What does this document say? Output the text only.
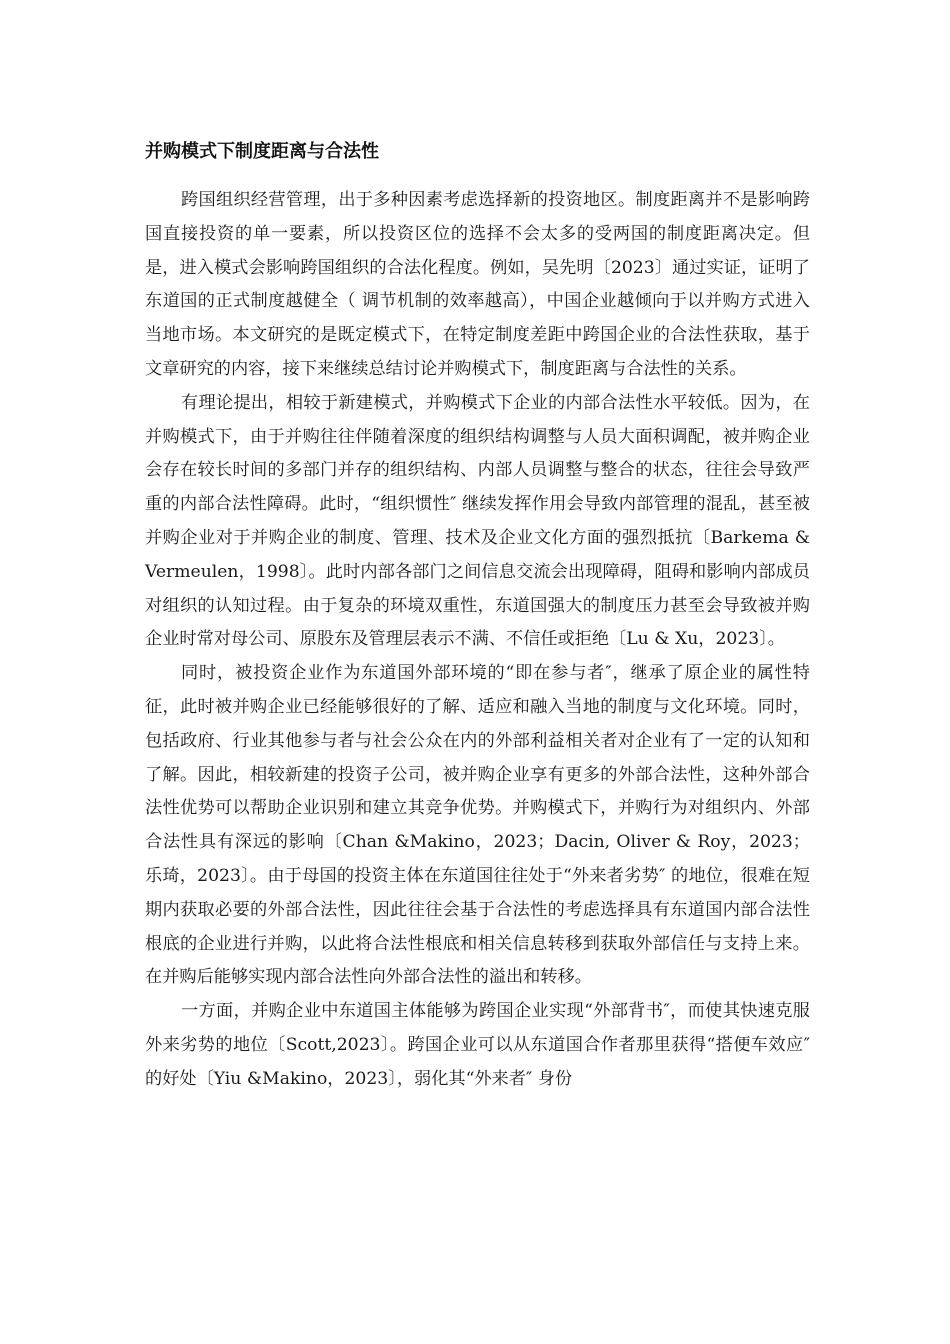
并购模式下制度距离与合法性

跨国组织经营管理，出于多种因素考虑选择新的投资地区。制度距离并不是影响跨国直接投资的单一要素，所以投资区位的选择不会太多的受两国的制度距离决定。但是，进入模式会影响跨国组织的合法化程度。例如，吴先明〔2023〕通过实证，证明了东道国的正式制度越健全（ 调节机制的效率越高），中国企业越倾向于以并购方式进入当地市场。本文研究的是既定模式下，在特定制度差距中跨国企业的合法性获取，基于文章研究的内容，接下来继续总结讨论并购模式下，制度距离与合法性的关系。

有理论提出，相较于新建模式，并购模式下企业的内部合法性水平较低。因为，在并购模式下，由于并购往往伴随着深度的组织结构调整与人员大面积调配，被并购企业会存在较长时间的多部门并存的组织结构、内部人员调整与整合的状态，往往会导致严重的内部合法性障碍。此时，“组织惯性″ 继续发挥作用会导致内部管理的混乱，甚至被并购企业对于并购企业的制度、管理、技术及企业文化方面的强烈抵抗〔Barkema & Vermeulen，1998〕。此时内部各部门之间信息交流会出现障碍，阻碍和影响内部成员对组织的认知过程。由于复杂的环境双重性，东道国强大的制度压力甚至会导致被并购企业时常对母公司、原股东及管理层表示不满、不信任或拒绝〔Lu & Xu，2023〕。

同时，被投资企业作为东道国外部环境的“即在参与者″，继承了原企业的属性特征，此时被并购企业已经能够很好的了解、适应和融入当地的制度与文化环境。同时，包括政府、行业其他参与者与社会公众在内的外部利益相关者对企业有了一定的认知和了解。因此，相较新建的投资子公司，被并购企业享有更多的外部合法性，这种外部合法性优势可以帮助企业识别和建立其竞争优势。并购模式下，并购行为对组织内、外部合法性具有深远的影响〔Chan &Makino，2023；Dacin, Oliver & Roy，2023；乐琦，2023〕。由于母国的投资主体在东道国往往处于“外来者劣势″ 的地位，很难在短期内获取必要的外部合法性，因此往往会基于合法性的考虑选择具有东道国内部合法性根底的企业进行并购，以此将合法性根底和相关信息转移到获取外部信任与支持上来。在并购后能够实现内部合法性向外部合法性的溢出和转移。

一方面，并购企业中东道国主体能够为跨国企业实现“外部背书″，而使其快速克服外来劣势的地位〔Scott,2023〕。跨国企业可以从东道国合作者那里获得“搭便车效应″ 的好处〔Yiu &Makino，2023〕，弱化其“外来者″ 身份
